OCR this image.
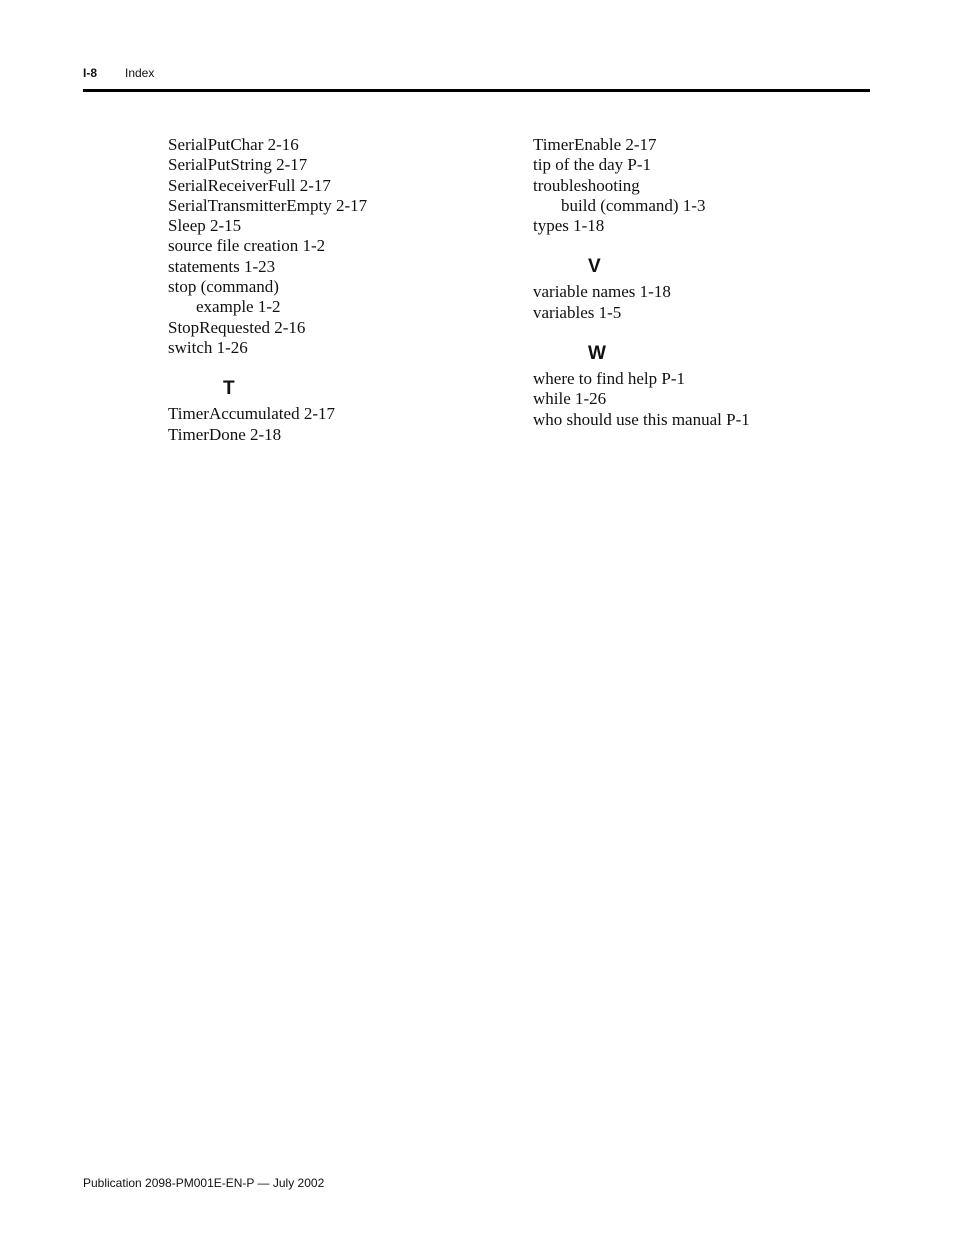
I-8 Index
SerialPutChar 2-16
SerialPutString 2-17
SerialReceiverFull 2-17
SerialTransmitterEmpty 2-17
Sleep 2-15
source file creation 1-2
statements 1-23
stop (command)
example 1-2
StopRequested 2-16
switch 1-26
T
TimerAccumulated 2-17
TimerDone 2-18
TimerEnable 2-17
tip of the day P-1
troubleshooting
build (command) 1-3
types 1-18
V
variable names 1-18
variables 1-5
W
where to find help P-1
while 1-26
who should use this manual P-1
Publication 2098-PM001E-EN-P — July 2002
